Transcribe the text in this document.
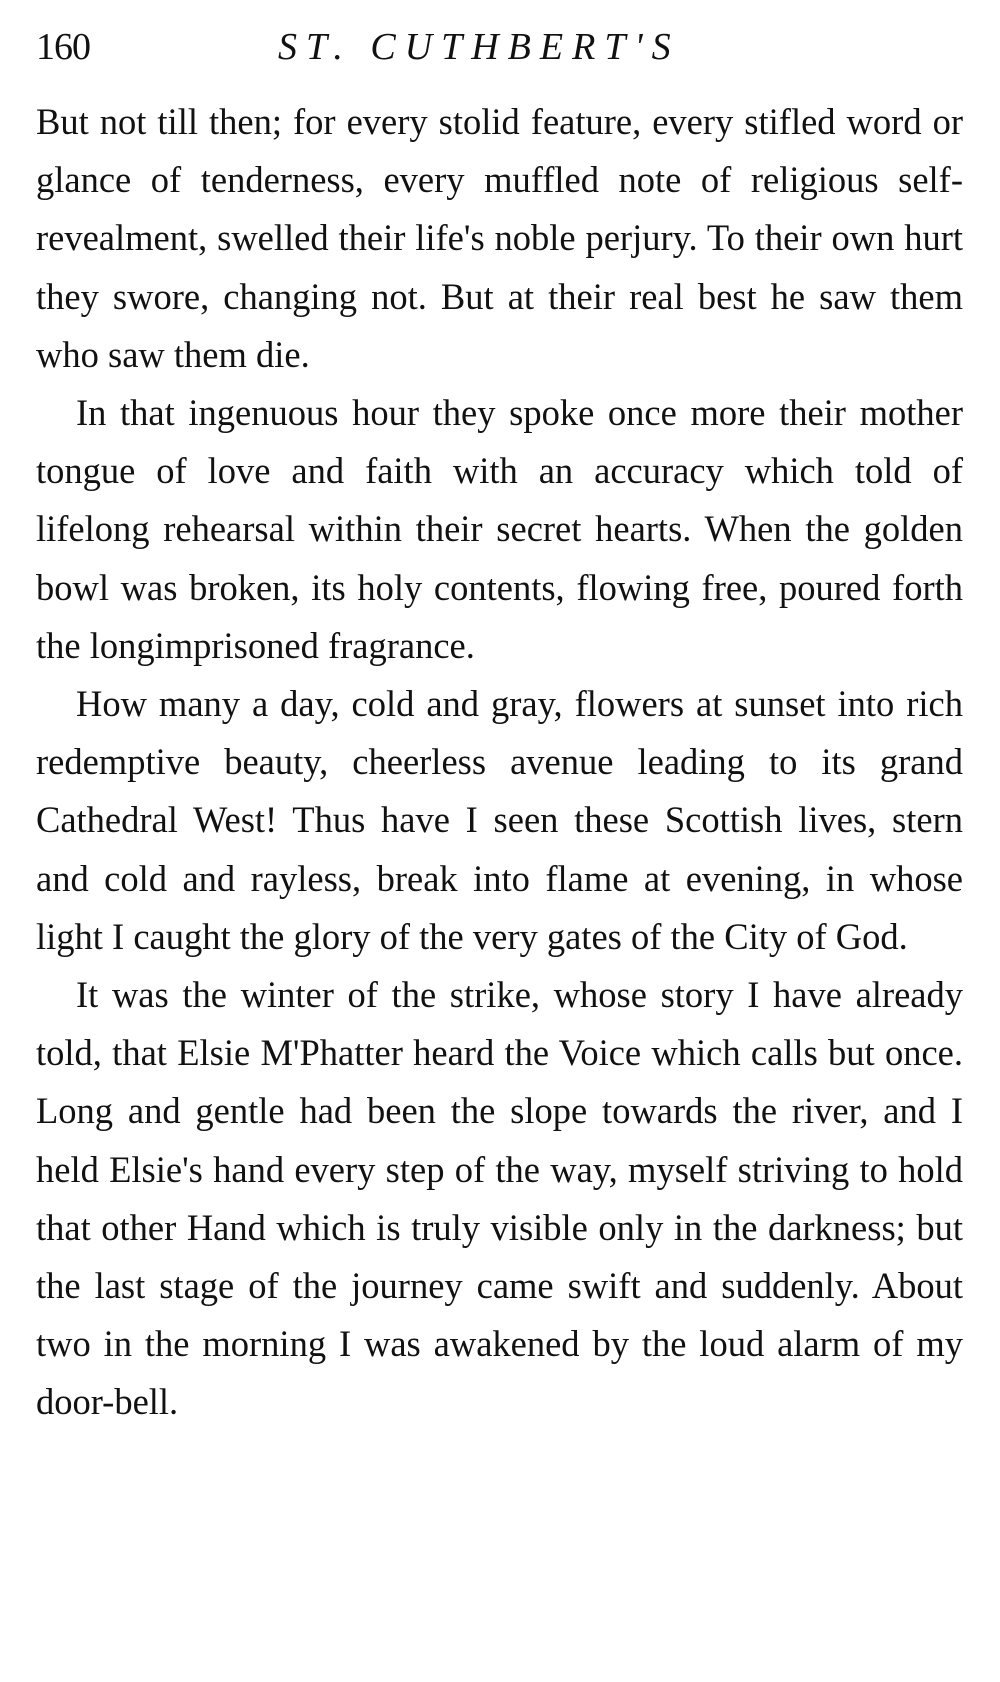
160	ST. CUTHBERT'S

But not till then; for every stolid feature, every stifled word or glance of tenderness, every muffled note of religious self-revealment, swelled their life's noble perjury. To their own hurt they swore, changing not. But at their real best he saw them who saw them die.

In that ingenuous hour they spoke once more their mother tongue of love and faith with an accuracy which told of lifelong rehearsal within their secret hearts. When the golden bowl was broken, its holy contents, flowing free, poured forth the longimprisoned fragrance.

How many a day, cold and gray, flowers at sunset into rich redemptive beauty, cheerless avenue leading to its grand Cathedral West! Thus have I seen these Scottish lives, stern and cold and rayless, break into flame at evening, in whose light I caught the glory of the very gates of the City of God.

It was the winter of the strike, whose story I have already told, that Elsie M'Phatter heard the Voice which calls but once. Long and gentle had been the slope towards the river, and I held Elsie's hand every step of the way, myself striving to hold that other Hand which is truly visible only in the darkness; but the last stage of the journey came swift and suddenly. About two in the morning I was awakened by the loud alarm of my door-bell.
